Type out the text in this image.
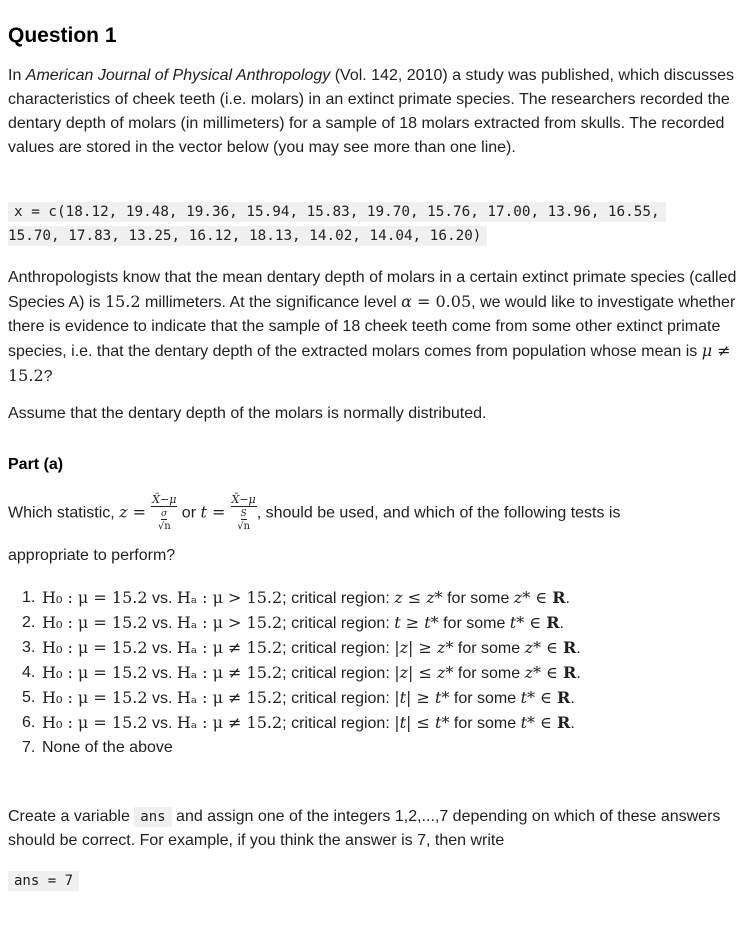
Question 1

In American Journal of Physical Anthropology (Vol. 142, 2010) a study was published, which discusses characteristics of cheek teeth (i.e. molars) in an extinct primate species. The researchers recorded the dentary depth of molars (in millimeters) for a sample of 18 molars extracted from skulls. The recorded values are stored in the vector below (you may see more than one line).

x = c(18.12, 19.48, 19.36, 15.94, 15.83, 19.70, 15.76, 17.00, 13.96, 16.55,
15.70, 17.83, 13.25, 16.12, 18.13, 14.02, 14.04, 16.20)

Anthropologists know that the mean dentary depth of molars in a certain extinct primate species (called Species A) is 15.2 millimeters. At the significance level α = 0.05, we would like to investigate whether there is evidence to indicate that the sample of 18 cheek teeth come from some other extinct primate species, i.e. that the dentary depth of the extracted molars comes from population whose mean is μ ≠ 15.2?

Assume that the dentary depth of the molars is normally distributed.

Part (a)

Which statistic, z =
X̄−μ
σ
√n
or t =
X̄−μ
S
√n
, should be used, and which of the following tests is

appropriate to perform?

1. H₀ : μ = 15.2 vs. Hₐ : μ > 15.2; critical region: z ≤ z* for some z* ∈ R.
2. H₀ : μ = 15.2 vs. Hₐ : μ > 15.2; critical region: t ≥ t* for some t* ∈ R.
3. H₀ : μ = 15.2 vs. Hₐ : μ ≠ 15.2; critical region: |z| ≥ z* for some z* ∈ R.
4. H₀ : μ = 15.2 vs. Hₐ : μ ≠ 15.2; critical region: |z| ≤ z* for some z* ∈ R.
5. H₀ : μ = 15.2 vs. Hₐ : μ ≠ 15.2; critical region: |t| ≥ t* for some t* ∈ R.
6. H₀ : μ = 15.2 vs. Hₐ : μ ≠ 15.2; critical region: |t| ≤ t* for some t* ∈ R.
7. None of the above

Create a variable ans and assign one of the integers 1,2,...,7 depending on which of these answers should be correct. For example, if you think the answer is 7, then write

ans = 7
